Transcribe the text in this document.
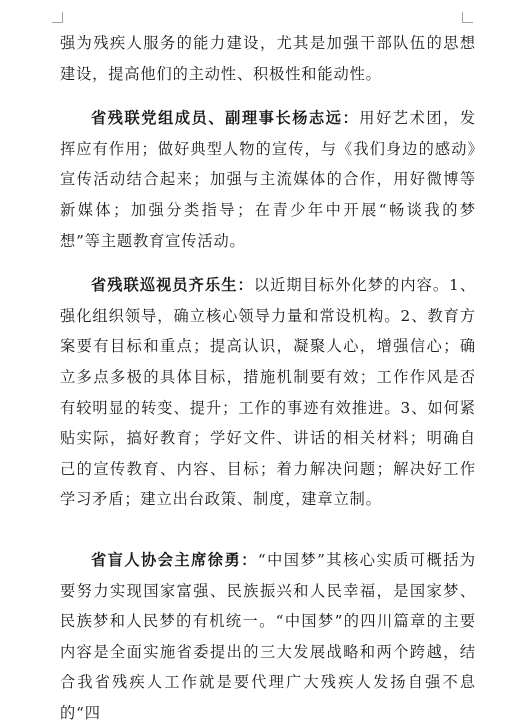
强为残疾人服务的能力建设，尤其是加强干部队伍的思想建设，提高他们的主动性、积极性和能动性。

省残联党组成员、副理事长杨志远：用好艺术团，发挥应有作用；做好典型人物的宣传，与《我们身边的感动》宣传活动结合起来；加强与主流媒体的合作，用好微博等新媒体；加强分类指导；在青少年中开展“畅谈我的梦想”等主题教育宣传活动。

省残联巡视员齐乐生：以近期目标外化梦的内容。1、强化组织领导，确立核心领导力量和常设机构。2、教育方案要有目标和重点；提高认识，凝聚人心，增强信心；确立多点多极的具体目标，措施机制要有效；工作作风是否有较明显的转变、提升；工作的事迹有效推进。3、如何紧贴实际，搞好教育；学好文件、讲话的相关材料；明确自己的宣传教育、内容、目标；着力解决问题；解决好工作学习矛盾；建立出台政策、制度，建章立制。

省盲人协会主席徐勇：“中国梦”其核心实质可概括为要努力实现国家富强、民族振兴和人民幸福，是国家梦、民族梦和人民梦的有机统一。“中国梦”的四川篇章的主要内容是全面实施省委提出的三大发展战略和两个跨越，结合我省残疾人工作就是要代理广大残疾人发扬自强不息的“四
